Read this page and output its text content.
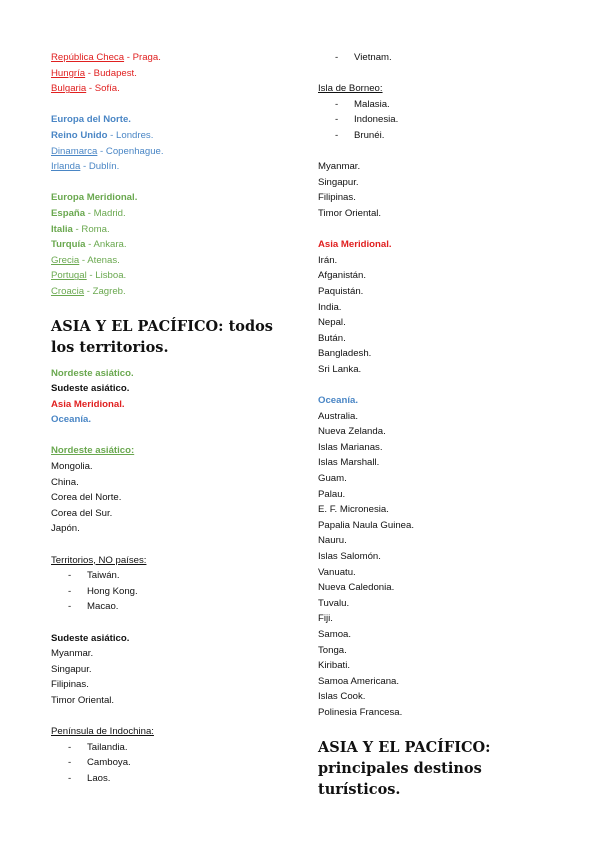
República Checa - Praga.
Hungría - Budapest.
Bulgaria - Sofía.
Europa del Norte.
Reino Unido - Londres.
Dinamarca - Copenhague.
Irlanda - Dublín.
Europa Meridional.
España - Madrid.
Italia - Roma.
Turquía - Ankara.
Grecia - Atenas.
Portugal - Lisboa.
Croacia - Zagreb.
ASIA Y EL PACÍFICO: todos los territorios.
Nordeste asiático.
Sudeste asiático.
Asia Meridional.
Oceanía.
Nordeste asiático:
Mongolia.
China.
Corea del Norte.
Corea del Sur.
Japón.
Territorios, NO países:
- Taiwán.
- Hong Kong.
- Macao.
Sudeste asiático.
Myanmar.
Singapur.
Filipinas.
Timor Oriental.
Península de Indochina:
- Tailandia.
- Camboya.
- Laos.
- Vietnam.
Isla de Borneo:
- Malasia.
- Indonesia.
- Brunéi.
Myanmar.
Singapur.
Filipinas.
Timor Oriental.
Asia Meridional.
Irán.
Afganistán.
Paquistán.
India.
Nepal.
Bután.
Bangladesh.
Sri Lanka.
Oceanía.
Australia.
Nueva Zelanda.
Islas Marianas.
Islas Marshall.
Guam.
Palau.
E. F. Micronesia.
Papalia Naula Guinea.
Nauru.
Islas Salomón.
Vanuatu.
Nueva Caledonia.
Tuvalu.
Fiji.
Samoa.
Tonga.
Kiribati.
Samoa Americana.
Islas Cook.
Polinesia Francesa.
ASIA Y EL PACÍFICO: principales destinos turísticos.
